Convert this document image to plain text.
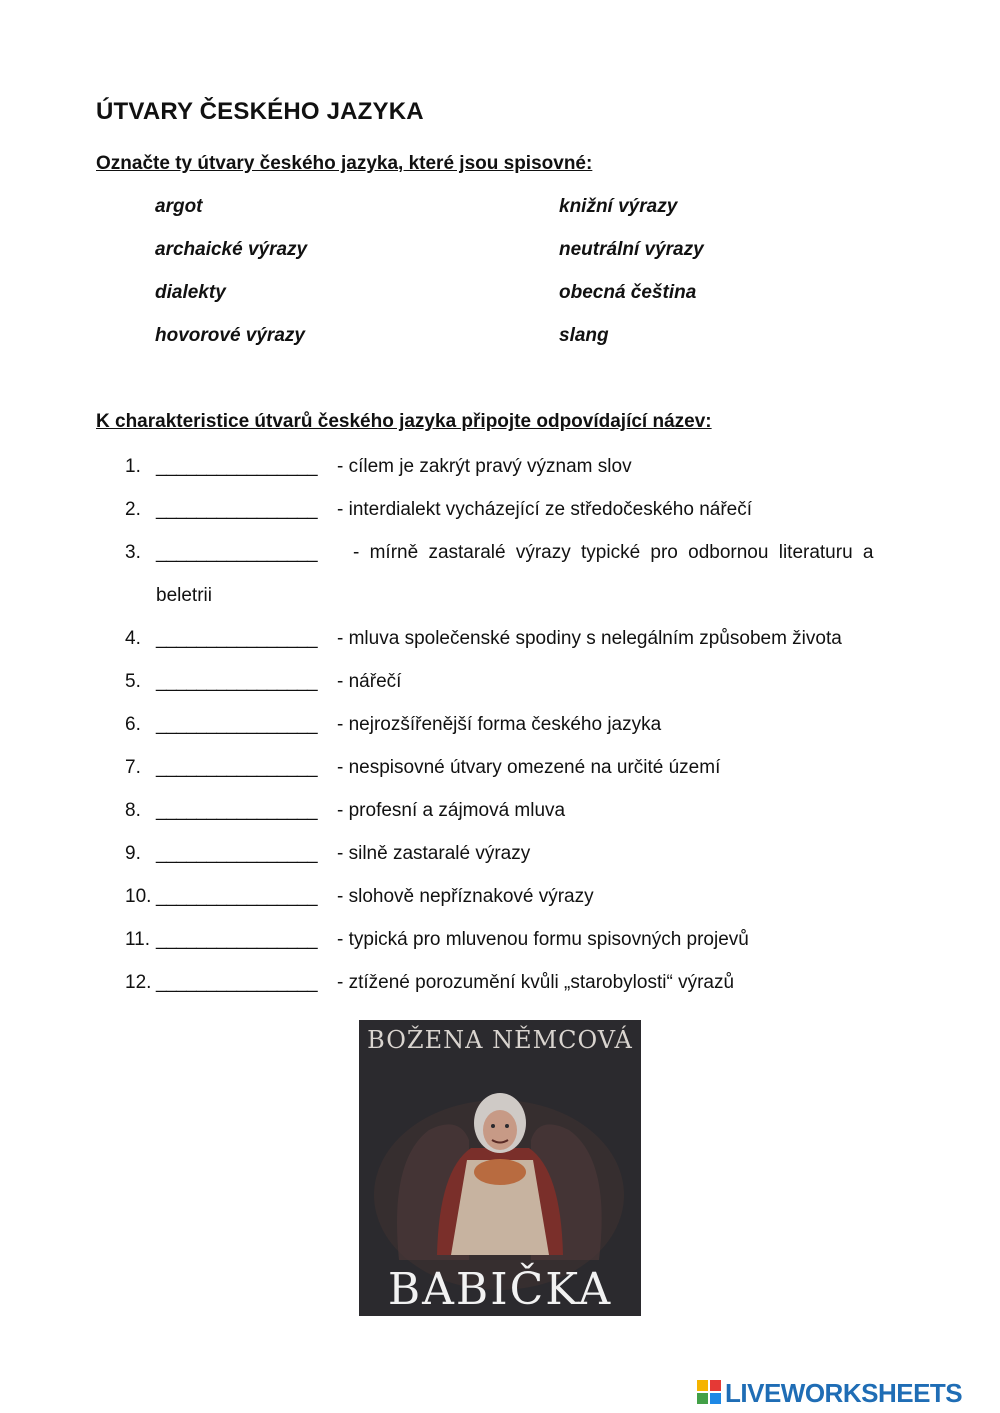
ÚTVARY ČESKÉHO JAZYKA
Označte ty útvary českého jazyka, které jsou spisovné:
argot
archaické výrazy
dialekty
hovorové výrazy
knižní výrazy
neutrální výrazy
obecná čeština
slang
K charakteristice útvarů českého jazyka připojte odpovídající název:
1. ________________ - cílem je zakrýt pravý význam slov
2. ________________ - interdialekt vycházející ze středočeského nářečí
3. ________________ - mírně zastaralé výrazy typické pro odbornou literaturu a
beletrii
4. ________________ - mluva společenské spodiny s nelegálním způsobem života
5. ________________ - nářečí
6. ________________ - nejrozšířenější forma českého jazyka
7. ________________ - nespisovné útvary omezené na určité území
8. ________________ - profesní a zájmová mluva
9. ________________ - silně zastaralé výrazy
10. ________________ - slohově nepříznakové výrazy
11. ________________ - typická pro mluvenou formu spisovných projevů
12. ________________ - ztížené porozumění kvůli „starobylosti“ výrazů
BOŽENA NĚMCOVÁ
BABIČKA
LIVEWORKSHEETS
